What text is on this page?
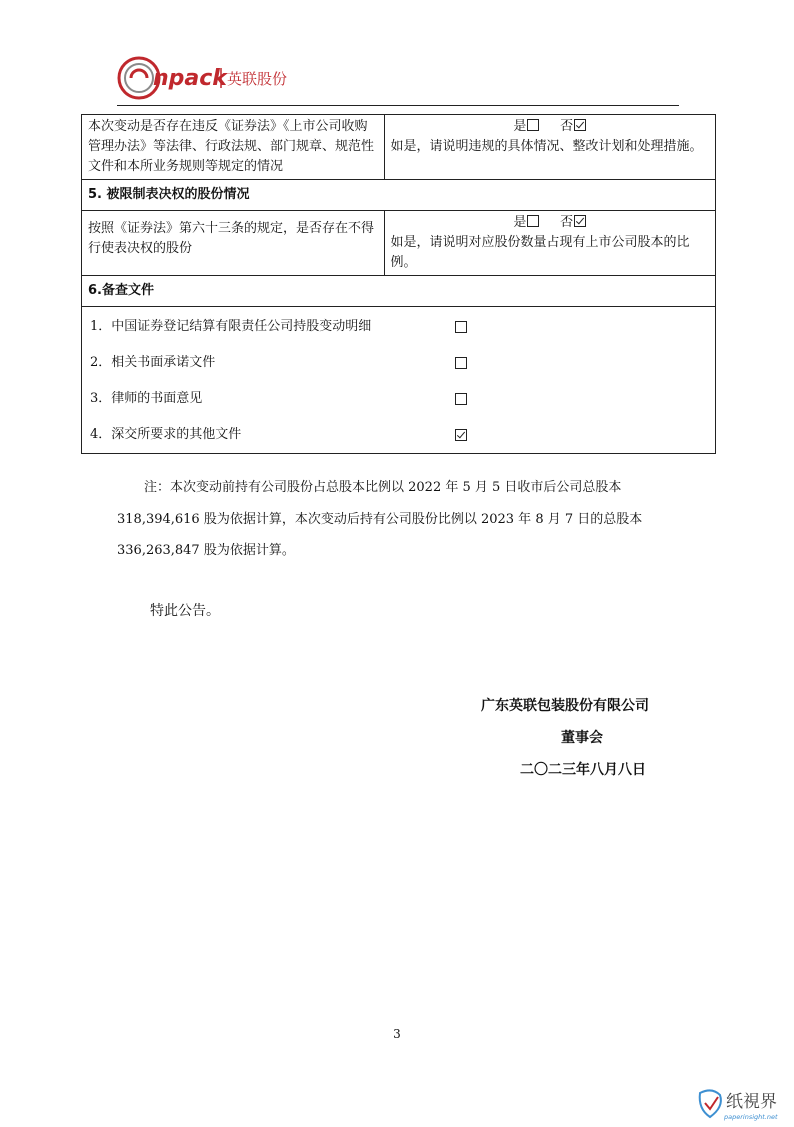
npack 英联股份
本次变动是否存在违反《证券法》《上市公司收购管理办法》等法律、行政法规、部门规章、规范性文件和本所业务规则等规定的情况	是 否
如是，请说明违规的具体情况、整改计划和处理措施。
5. 被限制表决权的股份情况	
按照《证券法》第六十三条的规定，是否存在不得行使表决权的股份	是 否
如是，请说明对应股份数量占现有上市公司股本的比例。
6.备查文件	

1．中国证券登记结算有限责任公司持股变动明细
2．相关书面承诺文件
3．律师的书面意见
4．深交所要求的其他文件	
注：本次变动前持有公司股份占总股本比例以 2022 年 5 月 5 日收市后公司总股本
318,394,616 股为依据计算，本次变动后持有公司股份比例以 2023 年 8 月 7 日的总股本
336,263,847 股为依据计算。
特此公告。
广东英联包装股份有限公司
董事会
二〇二三年八月八日
3
纸視界
paperinsight.net
